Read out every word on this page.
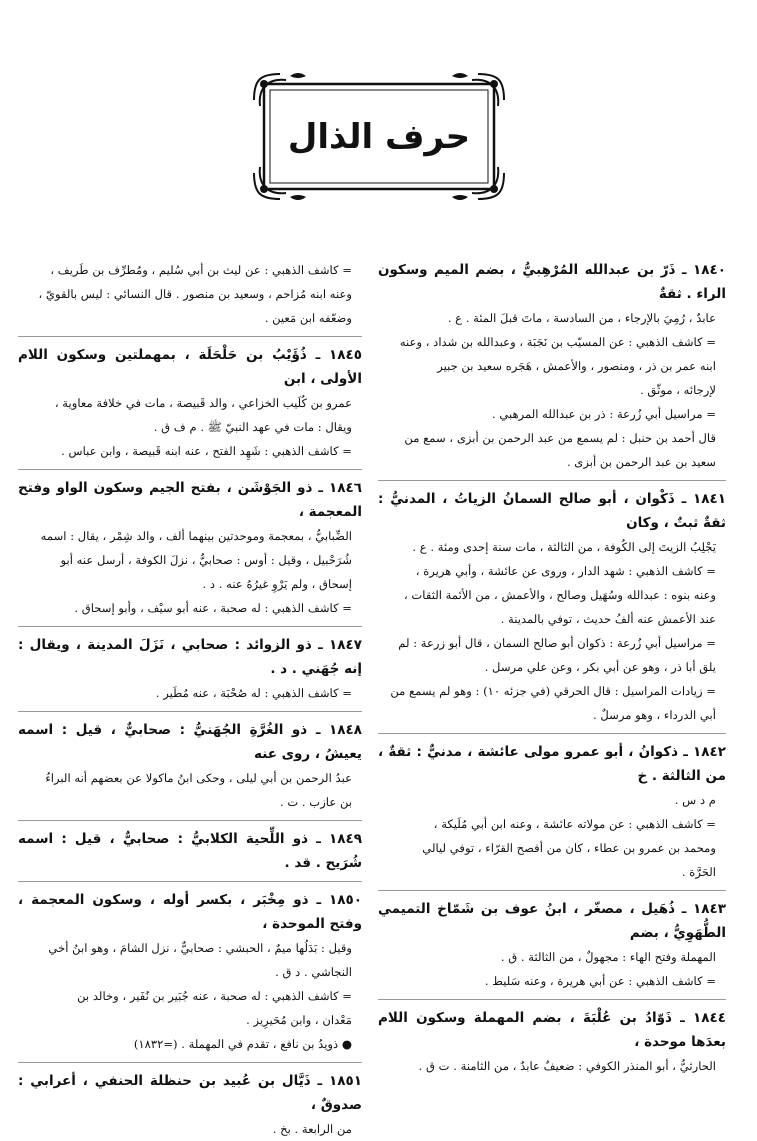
حرف الذال
١٨٤٠ ـ ذَرّ بن عبدالله المُرْهِبيُّ ، بضم الميم وسكون الراء . ثقةٌ
عابدٌ ، رُمِيَ بالإرجاء ، من السادسة ، ماتَ قبلَ المئة . ع .
= كاشف الذهبي : عن المسيّب بن نَجَبَة ، وعبدالله بن شداد ، وعنه
ابنه عمر بن ذر ، ومنصور ، والأعمش ، هَجَره سعيد بن جبير
لإرجائه ، موثّق .
= مراسيل أبي زُرعة : ذر بن عبدالله المرهبي .
قال أحمد بن حنبل : لم يسمع من عبد الرحمن بن أبزى ، سمع من
سعيد بن عبد الرحمن بن أبزى .
١٨٤١ ـ ذَكْوان ، أبو صالح السمانُ الزياتُ ، المدنيُّ : ثقةٌ ثبتٌ ، وكان
يَجْلِبُ الزيتَ إلى الكُوفة ، من الثالثة ، مات سنة إحدى ومئة . ع .
= كاشف الذهبي : شهد الدار ، وروى عن عائشة ، وأبي هريرة ،
وعنه بنوه : عبدالله وسُهَيل وصالح ، والأعمش ، من الأئمة الثقات ،
عند الأعمش عنه ألفُ حديث ، توفي بالمدينة .
= مراسيل أبي زُرعة : ذكوان أبو صالح السمان ، قال أبو زرعة : لم
يلق أبا ذر ، وهو عن أبي بكر ، وعن علي مرسل .
= زيادات المراسيل : قال الحرقي (في جزئه ١٠) : وهو لم يسمع من
أبي الدرداء ، وهو مرسلٌ .
١٨٤٢ ـ ذكوانُ ، أبو عمرو مولى عائشة ، مدنيٌّ : ثقةٌ ، من الثالثة . خ
م د س .
= كاشف الذهبي : عن مولاته عائشة ، وعنه ابن أبي مُلَيكة ،
ومحمد بن عمرو بن عطاء ، كان من أفصح القرّاء ، توفي ليالي
الحَرَّة .
١٨٤٣ ـ ذُهَيل ، مصغّر ، ابنُ عوف بن شَمّاخ التميمي الطُّهَوِيُّ ، بضم
المهملة وفتح الهاء : مجهولٌ ، من الثالثة . ق .
= كاشف الذهبي : عن أبي هريرة ، وعنه سَليط .
١٨٤٤ ـ ذَوّادُ بن عُلْبَةَ ، بضم المهملة وسكون اللام بعدَها موحدة ،
الحارثيُّ ، أبو المنذر الكوفي : ضعيفٌ عابدٌ ، من الثامنة . ت ق .
= كاشف الذهبي : عن ليث بن أبي سُليم ، ومُطرِّف بن طَريف ،
وعنه ابنه مُزاحم ، وسعيد بن منصور . قال النسائي : ليس بالقويّ ،
وضعّفه ابن مَعين .
١٨٤٥ ـ ذُؤَيْبُ بن حَلْحَلَة ، بمهملتين وسكون اللام الأولى ، ابن
عمرو بن كُلَيب الخزاعي ، والد قَبيصة ، مات في خلافة معاوية ،
ويقال : مات في عهد النبيّ ﷺ . م ف ق .
= كاشف الذهبي : شَهِد الفتح ، عنه ابنه قَبيصة ، وابن عباس .
١٨٤٦ ـ ذو الجَوْشَن ، بفتح الجيم وسكون الواو وفتح المعجمة ،
الضِّبابيُّ ، بمعجمة وموحدتين بينهما ألف ، والد شِمْر ، يقال : اسمه
شُرَحْبيل ، وقيل : أوس : صحابيٌّ ، نزلَ الكوفة ، أرسل عنه أبو
إسحاق ، ولم يَرْوِ غيرُهُ عنه . د .
= كاشف الذهبي : له صحبة ، عنه أبو سيْف ، وأبو إسحاق .
١٨٤٧ ـ ذو الزوائد : صحابي ، نَزَلَ المدينة ، ويقال : إنه جُهَني . د .
= كاشف الذهبي : له صُحْبَة ، عنه مُطَير .
١٨٤٨ ـ ذو الغُرَّةِ الجُهَنيُّ : صحابيٌّ ، قيل : اسمه يعيشُ ، روى عنه
عبدُ الرحمن بن أبي ليلى ، وحكى ابنُ ماكولا عن بعضهم أنه البراءُ
بن عازب . ت .
١٨٤٩ ـ ذو اللِّحية الكلابيُّ : صحابيٌّ ، قيل : اسمه شُرَيح . قد .
١٨٥٠ ـ ذو مِخْبَر ، بكسر أوله ، وسكون المعجمة ، وفتح الموحدة ،
وقيل : بَدَلُها ميمٌ ، الحبشي : صحابيٌّ ، نزل الشامَ ، وهو ابنُ أخي
النجاشي . د ق .
= كاشف الذهبي : له صحبة ، عنه جُبَير بن نُفَير ، وخالد بن
مَعْدان ، وابن مُحَيرِيز .
● ذويدُ بن نافع ، تقدم في المهملة . (=١٨٣٢)
١٨٥١ ـ ذَيَّال بن عُبيد بن حنظلة الحنفي ، أعرابي : صدوقٌ ،
من الرابعة . بخ .
